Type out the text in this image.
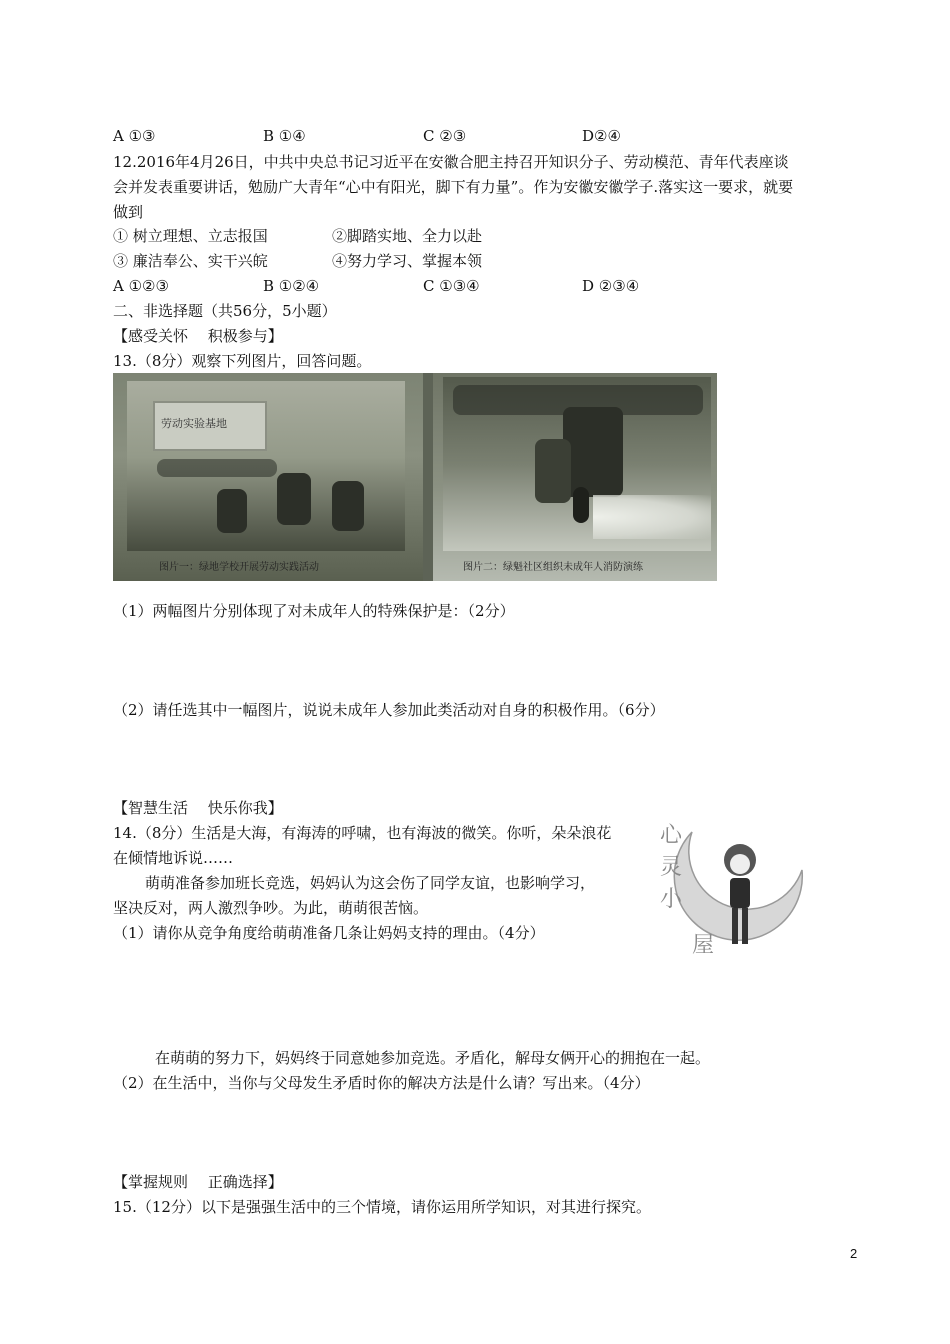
A ①③	B ①④	C ②③	D②④
12.2016年4月26日，中共中央总书记习近平在安徽合肥主持召开知识分子、劳动模范、青年代表座谈
会并发表重要讲话，勉励广大青年“心中有阳光，脚下有力量”。作为安徽安徽学子.落实这一要求，就要
做到
① 树立理想、立志报国	②脚踏实地、全力以赴
③ 廉洁奉公、实干兴皖	④努力学习、掌握本领
A ①②③	B ①②④	C ①③④	D ②③④
二、非选择题（共56分，5小题）
【感受关怀　 积极参与】
13.（8分）观察下列图片，回答问题。
劳动实验基地
图片一：绿地学校开展劳动实践活动	图片二：绿魁社区组织未成年人消防演练
（1）两幅图片分别体现了对未成年人的特殊保护是：（2分）
（2）请任选其中一幅图片，说说未成年人参加此类活动对自身的积极作用。（6分）
【智慧生活　 快乐你我】
14.（8分）生活是大海，有海涛的呼啸，也有海波的微笑。你听，朵朵浪花
在倾情地诉说……
萌萌准备参加班长竞选，妈妈认为这会伤了同学友谊，也影响学习，
坚决反对，两人激烈争吵。为此，萌萌很苦恼。
（1）请你从竞争角度给萌萌准备几条让妈妈支持的理由。（4分）
心
灵
小
屋
在萌萌的努力下，妈妈终于同意她参加竞选。矛盾化，解母女俩开心的拥抱在一起。
（2）在生活中，当你与父母发生矛盾时你的解决方法是什么请？写出来。（4分）
【掌握规则　 正确选择】
15.（12分）以下是强强生活中的三个情境，请你运用所学知识，对其进行探究。
2
